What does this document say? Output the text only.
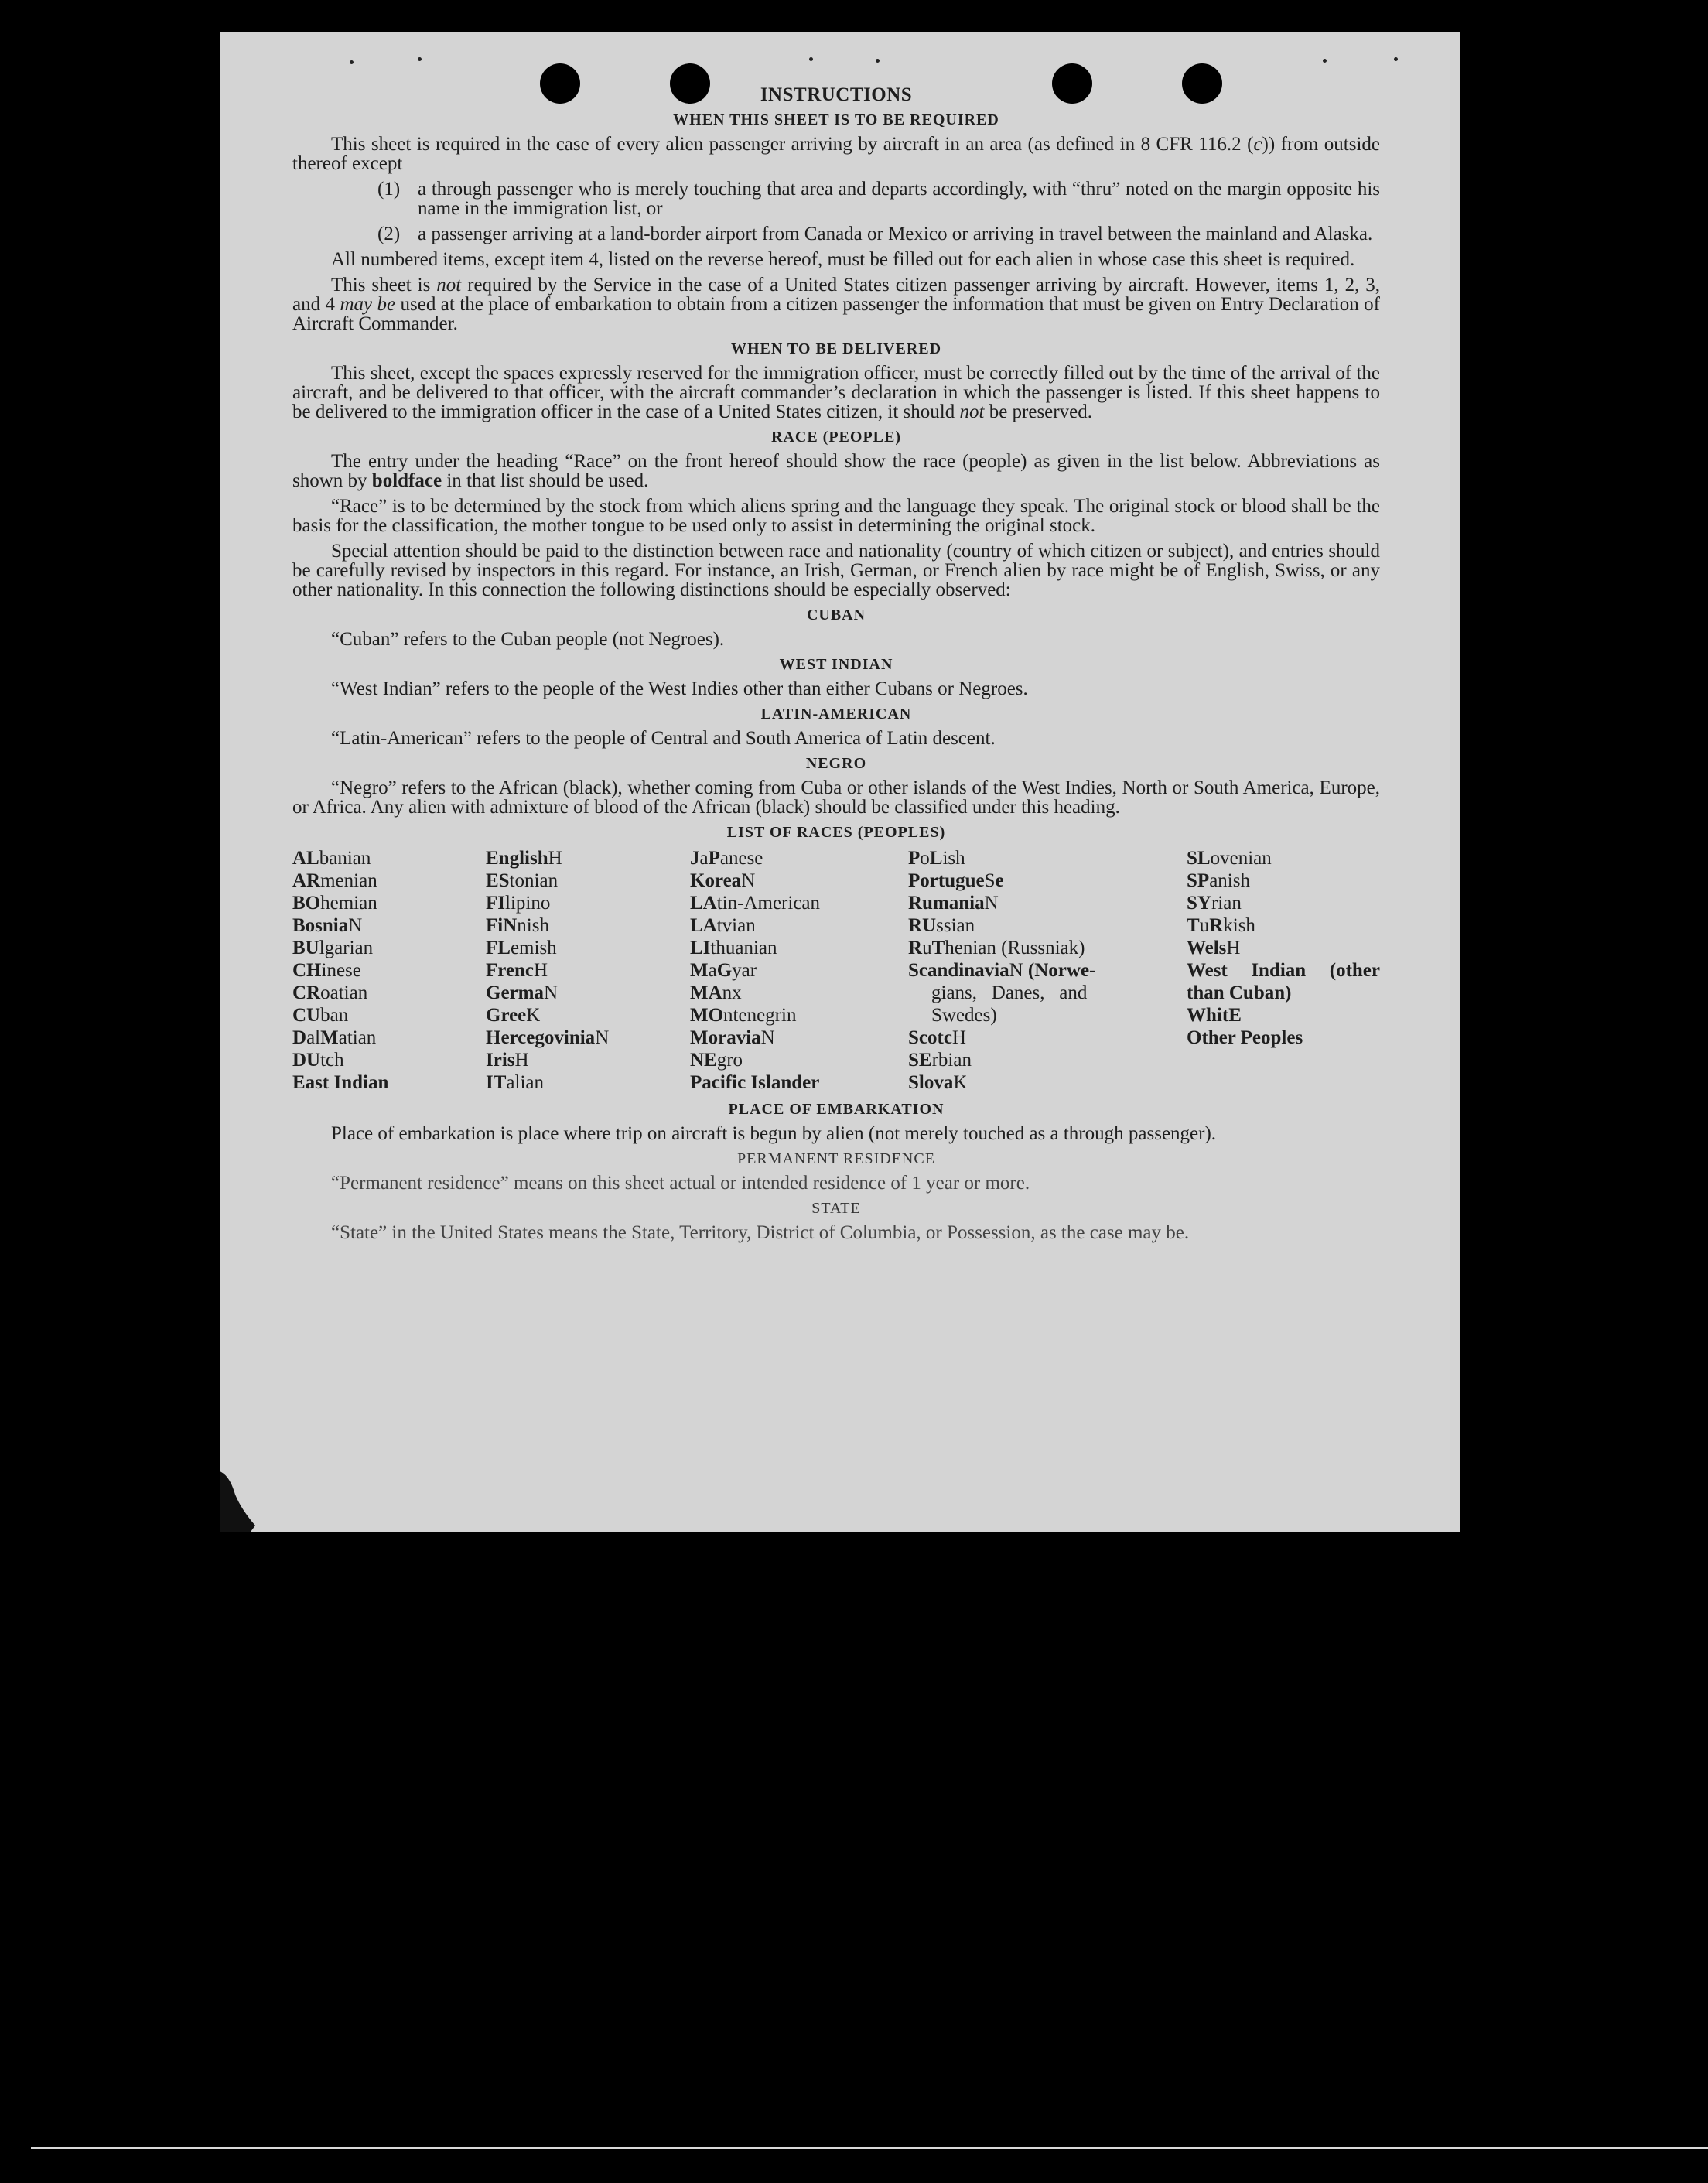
INSTRUCTIONS
WHEN THIS SHEET IS TO BE REQUIRED

This sheet is required in the case of every alien passenger arriving by aircraft in an area (as defined in 8 CFR 116.2 (c)) from outside thereof except

(1) a through passenger who is merely touching that area and departs accordingly, with “thru” noted on the margin opposite his name in the immigration list, or
(2) a passenger arriving at a land-border airport from Canada or Mexico or arriving in travel between the mainland and Alaska.

All numbered items, except item 4, listed on the reverse hereof, must be filled out for each alien in whose case this sheet is required.

This sheet is not required by the Service in the case of a United States citizen passenger arriving by aircraft. However, items 1, 2, 3, and 4 may be used at the place of embarkation to obtain from a citizen passenger the information that must be given on Entry Declaration of Aircraft Commander.

WHEN TO BE DELIVERED

This sheet, except the spaces expressly reserved for the immigration officer, must be correctly filled out by the time of the arrival of the aircraft, and be delivered to that officer, with the aircraft commander’s declaration in which the passenger is listed. If this sheet happens to be delivered to the immigration officer in the case of a United States citizen, it should not be preserved.

RACE (PEOPLE)

The entry under the heading “Race” on the front hereof should show the race (people) as given in the list below. Abbreviations as shown by boldface in that list should be used.

“Race” is to be determined by the stock from which aliens spring and the language they speak. The original stock or blood shall be the basis for the classification, the mother tongue to be used only to assist in determining the original stock.

Special attention should be paid to the distinction between race and nationality (country of which citizen or subject), and entries should be carefully revised by inspectors in this regard. For instance, an Irish, German, or French alien by race might be of English, Swiss, or any other nationality. In this connection the following distinctions should be especially observed:

CUBAN

“Cuban” refers to the Cuban people (not Negroes).

WEST INDIAN

“West Indian” refers to the people of the West Indies other than either Cubans or Negroes.

LATIN-AMERICAN

“Latin-American” refers to the people of Central and South America of Latin descent.

NEGRO

“Negro” refers to the African (black), whether coming from Cuba or other islands of the West Indies, North or South America, Europe, or Africa. Any alien with admixture of blood of the African (black) should be classified under this heading.

LIST OF RACES (PEOPLES)
ALbanian
ARmenian
BOhemian
BosniaN
BUlgarian
CHinese
CRoatian
CUban
DalMatian
DUtch
East Indian
EnglishH
EStonian
FIlipino
FiNnish
FLemish
FrencH
GermaN
GreeK
HercegoviniaN
IrisH
ITalian
JaPanese
KoreaN
LAtin-American
LAtvian
LIthuanian
MaGyar
MAnx
MOntenegrin
MoraviaN
NEgro
Pacific Islander
PoLish
PortugueSe
RumaniaN
RUssian
RuThenian (Russniak)
ScandinaviaN (Norwe-
gians,   Danes,   and
Swedes)
ScotcH
SErbian
SlovaK
SLovenian
SPanish
SYrian
TuRkish
WelsH
West Indian (other than Cuban)
WhitE
Other Peoples
PLACE OF EMBARKATION

Place of embarkation is place where trip on aircraft is begun by alien (not merely touched as a through passenger).

PERMANENT RESIDENCE

“Permanent residence” means on this sheet actual or intended residence of 1 year or more.

STATE

“State” in the United States means the State, Territory, District of Columbia, or Possession, as the case may be.
